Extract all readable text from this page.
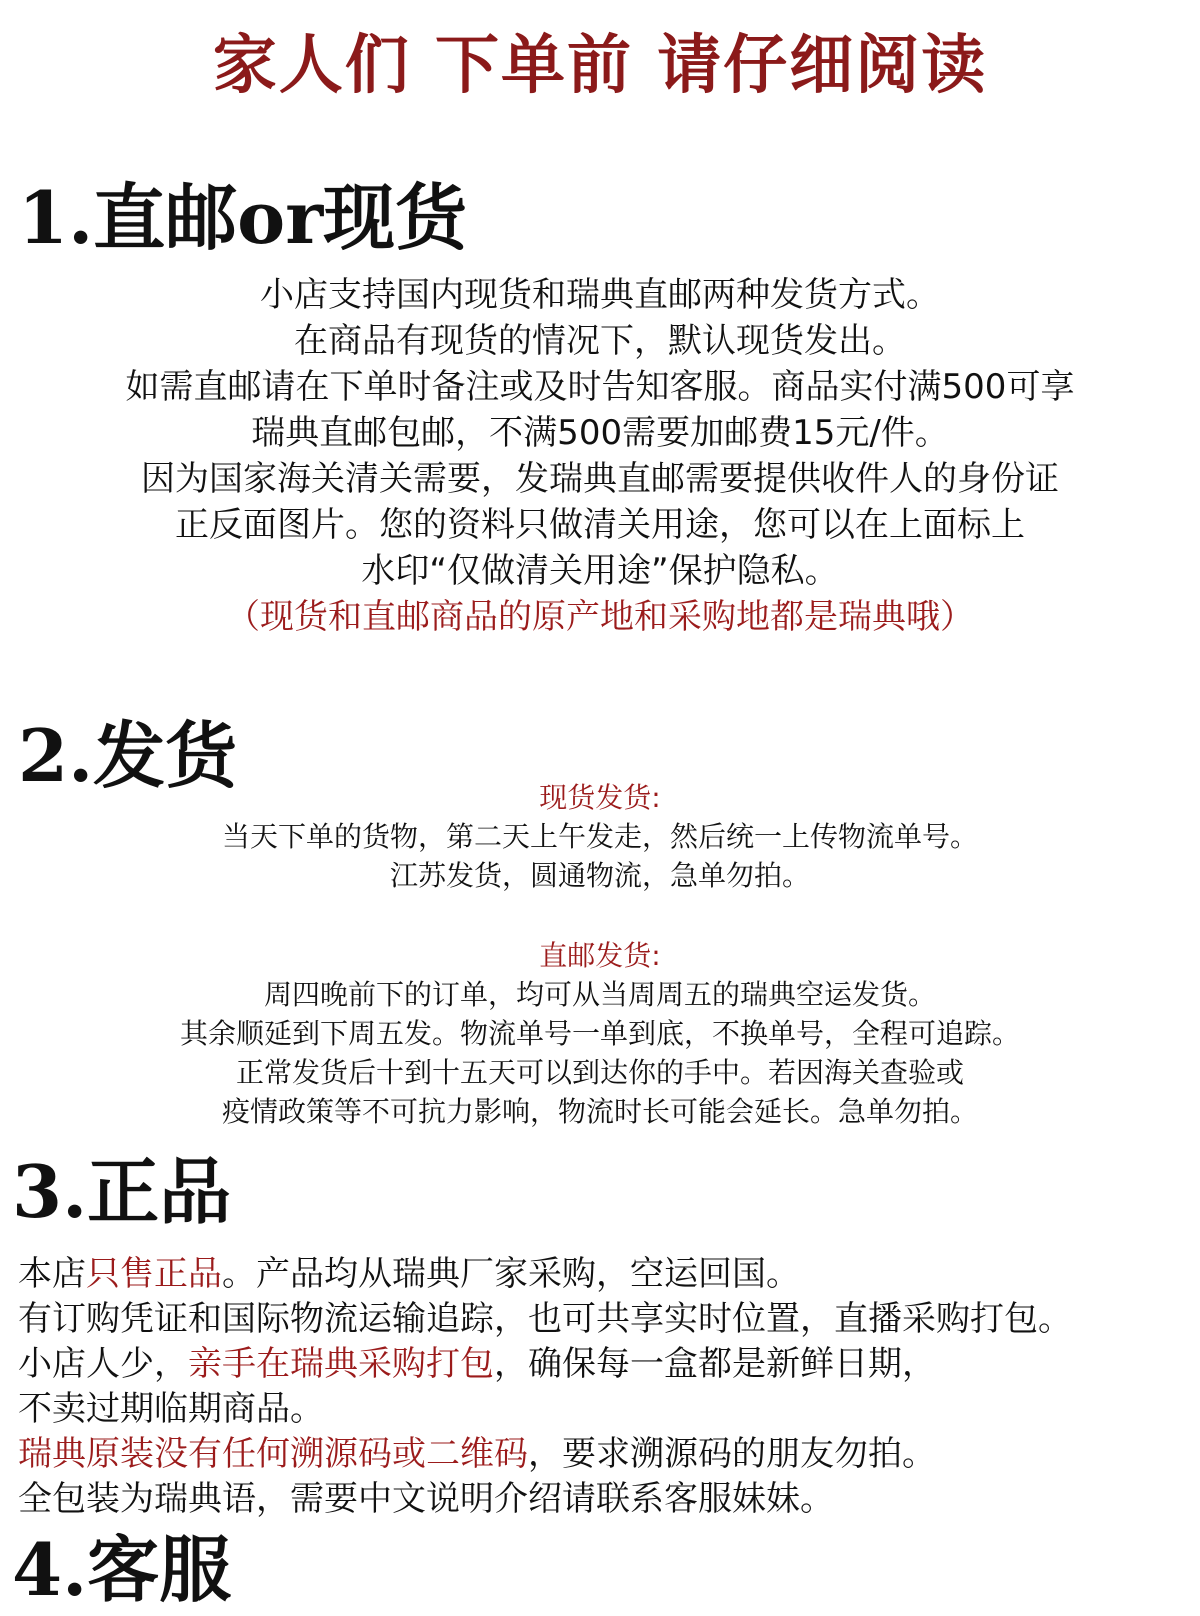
家人们 下单前 请仔细阅读
1.直邮or现货
小店支持国内现货和瑞典直邮两种发货方式。
在商品有现货的情况下，默认现货发出。
如需直邮请在下单时备注或及时告知客服。商品实付满500可享
瑞典直邮包邮，不满500需要加邮费15元/件。
因为国家海关清关需要，发瑞典直邮需要提供收件人的身份证
正反面图片。您的资料只做清关用途，您可以在上面标上
水印“仅做清关用途”保护隐私。
（现货和直邮商品的原产地和采购地都是瑞典哦）
2.发货	现货发货:
当天下单的货物，第二天上午发走，然后统一上传物流单号。
江苏发货，圆通物流，急单勿拍。
直邮发货:
周四晚前下的订单，均可从当周周五的瑞典空运发货。
其余顺延到下周五发。物流单号一单到底，不换单号，全程可追踪。
正常发货后十到十五天可以到达你的手中。若因海关查验或
疫情政策等不可抗力影响，物流时长可能会延长。急单勿拍。
3.正品
本店只售正品。产品均从瑞典厂家采购，空运回国。
有订购凭证和国际物流运输追踪，也可共享实时位置，直播采购打包。
小店人少，亲手在瑞典采购打包，确保每一盒都是新鲜日期，
不卖过期临期商品。
瑞典原装没有任何溯源码或二维码，要求溯源码的朋友勿拍。
全包装为瑞典语，需要中文说明介绍请联系客服妹妹。
4.客服
